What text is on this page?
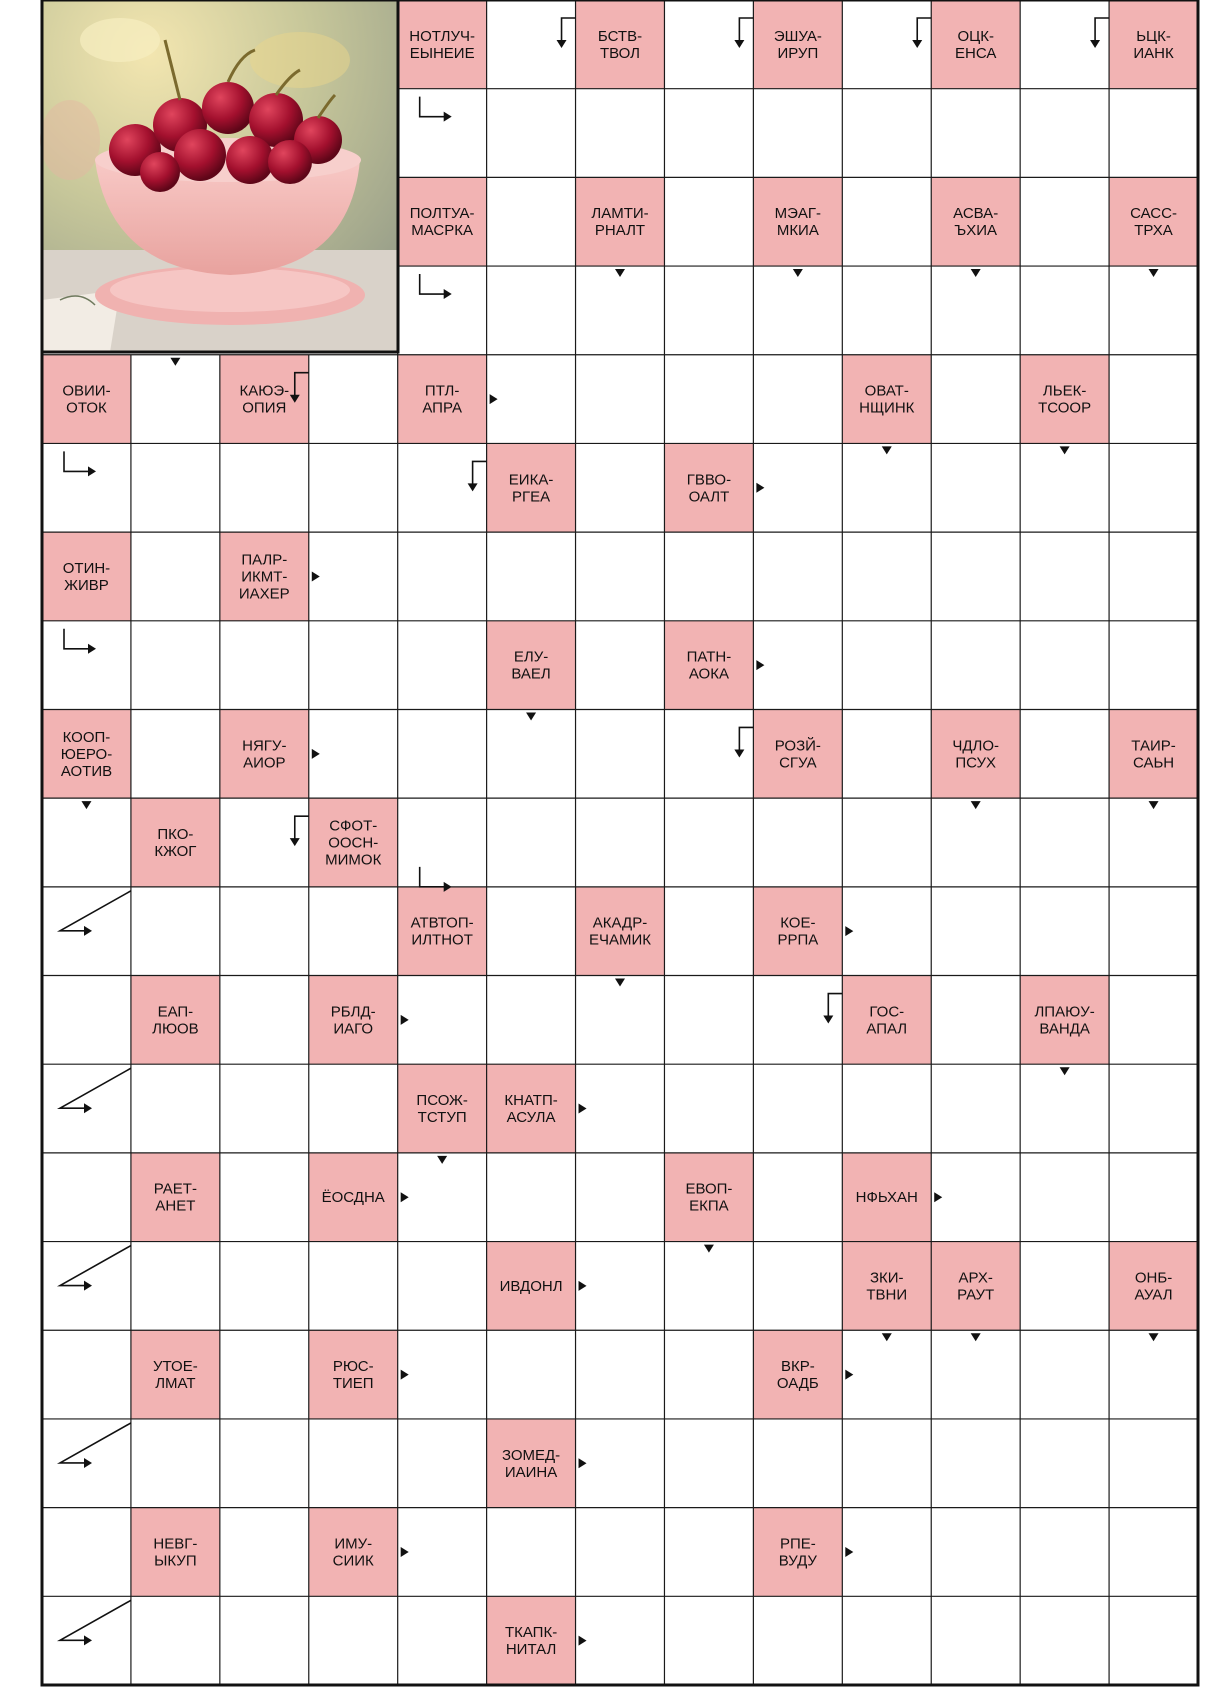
НОТЛУЧ-
ЕЫНЕИЕ
БСТВ-
ТВОЛ
ЭШУА-
ИРУП
ОЦК-
ЕНСА
ЬЦК-
ИАНК
ПОЛТУА-
МАСРКА
ЛАМТИ-
РНАЛТ
МЭАГ-
МКИА
АСВА-
ЪХИА
САСС-
ТРХА
ОВИИ-
ОТОК
КАЮЭ-
ОПИЯ
ПТЛ-
АПРА
ОВАТ-
НЩИНК
ЛЬЕК-
ТСООР
ЕИКА-
РГЕА
ГВВО-
ОАЛТ
ОТИН-
ЖИВР
ПАЛР-
ИКМТ-
ИАХЕР
ЕЛУ-
ВАЕЛ
ПАТН-
АОКА
КООП-
ЮЕРО-
АОТИВ
НЯГУ-
АИОР
РОЗЙ-
СГУА
ЧДЛО-
ПСУХ
ТАИР-
САЬН
ПКО-
КЖОГ
СФОТ-
ООСН-
МИМОК
АТВТОП-
ИЛТНОТ
АКАДР-
ЕЧАМИК
КОЕ-
РРПА
ЕАП-
ЛЮОВ
РБЛД-
ИАГО
ГОС-
АПАЛ
ЛПАЮУ-
ВАНДА
ПСОЖ-
ТСТУП
КНАТП-
АСУЛА
РАЕТ-
АНЕТ	ЁОСДНА	ЕВОП-
ЕКПА	НФЬХАН
ИВДОНЛ	ЗКИ-
ТВНИ
АРХ-
РАУТ
ОНБ-
АУАЛ
УТОЕ-
ЛМАТ
РЮС-
ТИЕП
ВКР-
ОАДБ
ЗОМЕД-
ИАИНА
НЕВГ-
ЫКУП
ИМУ-
СИИК
РПЕ-
ВУДУ
ТКАПК-
НИТАЛ
